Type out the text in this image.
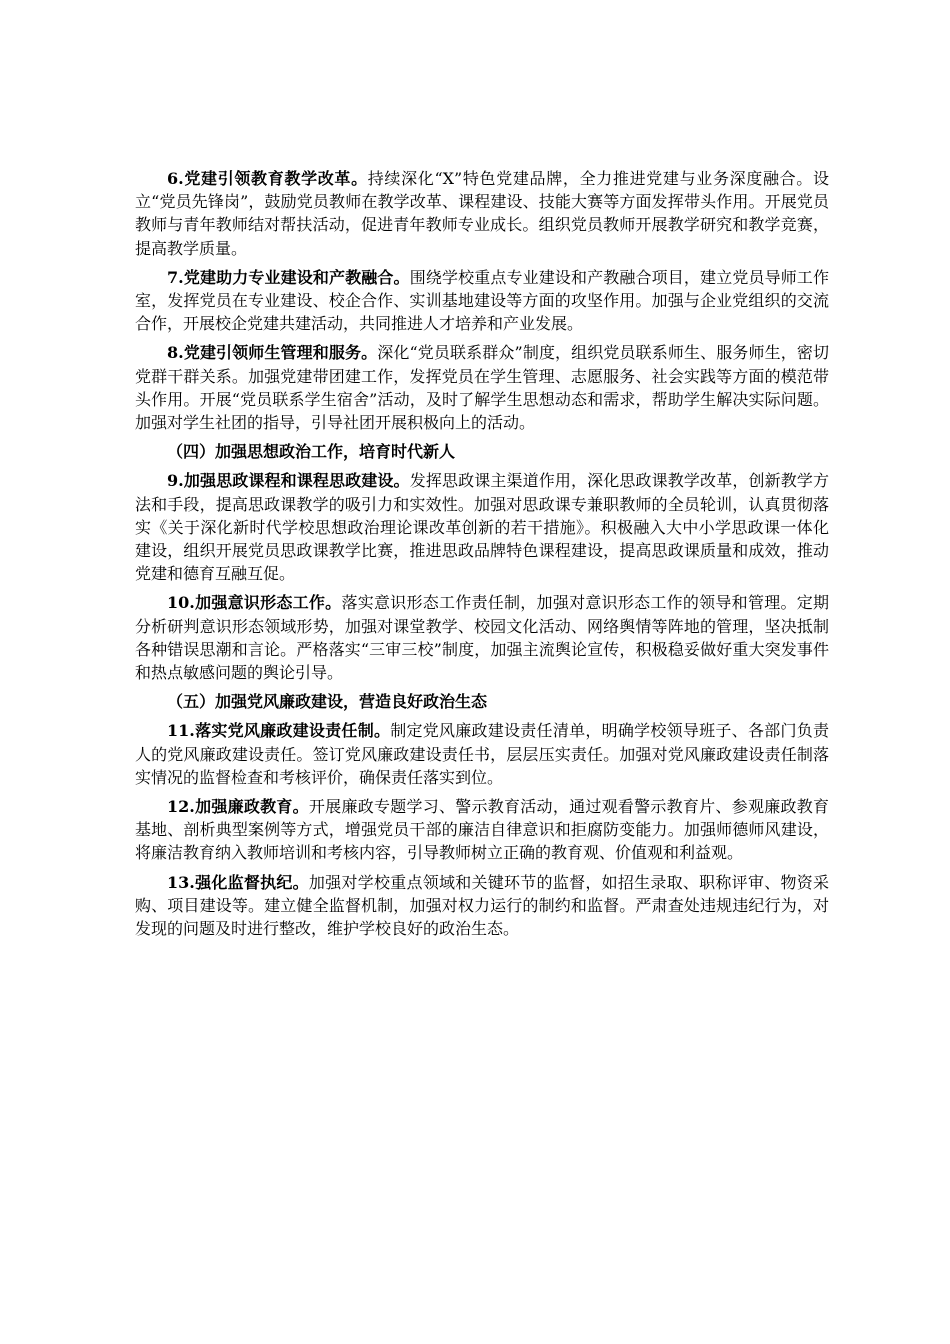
6.党建引领教育教学改革。持续深化“X”特色党建品牌，全力推进党建与业务深度融合。设立“党员先锋岗”，鼓励党员教师在教学改革、课程建设、技能大赛等方面发挥带头作用。开展党员教师与青年教师结对帮扶活动，促进青年教师专业成长。组织党员教师开展教学研究和教学竞赛，提高教学质量。

7.党建助力专业建设和产教融合。围绕学校重点专业建设和产教融合项目，建立党员导师工作室，发挥党员在专业建设、校企合作、实训基地建设等方面的攻坚作用。加强与企业党组织的交流合作，开展校企党建共建活动，共同推进人才培养和产业发展。

8.党建引领师生管理和服务。深化“党员联系群众”制度，组织党员联系师生、服务师生，密切党群干群关系。加强党建带团建工作，发挥党员在学生管理、志愿服务、社会实践等方面的模范带头作用。开展“党员联系学生宿舍”活动，及时了解学生思想动态和需求，帮助学生解决实际问题。加强对学生社团的指导，引导社团开展积极向上的活动。

（四）加强思想政治工作，培育时代新人

9.加强思政课程和课程思政建设。发挥思政课主渠道作用，深化思政课教学改革，创新教学方法和手段，提高思政课教学的吸引力和实效性。加强对思政课专兼职教师的全员轮训，认真贯彻落实《关于深化新时代学校思想政治理论课改革创新的若干措施》。积极融入大中小学思政课一体化建设，组织开展党员思政课教学比赛，推进思政品牌特色课程建设，提高思政课质量和成效，推动党建和德育互融互促。

10.加强意识形态工作。落实意识形态工作责任制，加强对意识形态工作的领导和管理。定期分析研判意识形态领域形势，加强对课堂教学、校园文化活动、网络舆情等阵地的管理，坚决抵制各种错误思潮和言论。严格落实“三审三校”制度，加强主流舆论宣传，积极稳妥做好重大突发事件和热点敏感问题的舆论引导。

（五）加强党风廉政建设，营造良好政治生态

11.落实党风廉政建设责任制。制定党风廉政建设责任清单，明确学校领导班子、各部门负责人的党风廉政建设责任。签订党风廉政建设责任书，层层压实责任。加强对党风廉政建设责任制落实情况的监督检查和考核评价，确保责任落实到位。

12.加强廉政教育。开展廉政专题学习、警示教育活动，通过观看警示教育片、参观廉政教育基地、剖析典型案例等方式，增强党员干部的廉洁自律意识和拒腐防变能力。加强师德师风建设，将廉洁教育纳入教师培训和考核内容，引导教师树立正确的教育观、价值观和利益观。

13.强化监督执纪。加强对学校重点领域和关键环节的监督，如招生录取、职称评审、物资采购、项目建设等。建立健全监督机制，加强对权力运行的制约和监督。严肃查处违规违纪行为，对发现的问题及时进行整改，维护学校良好的政治生态。
